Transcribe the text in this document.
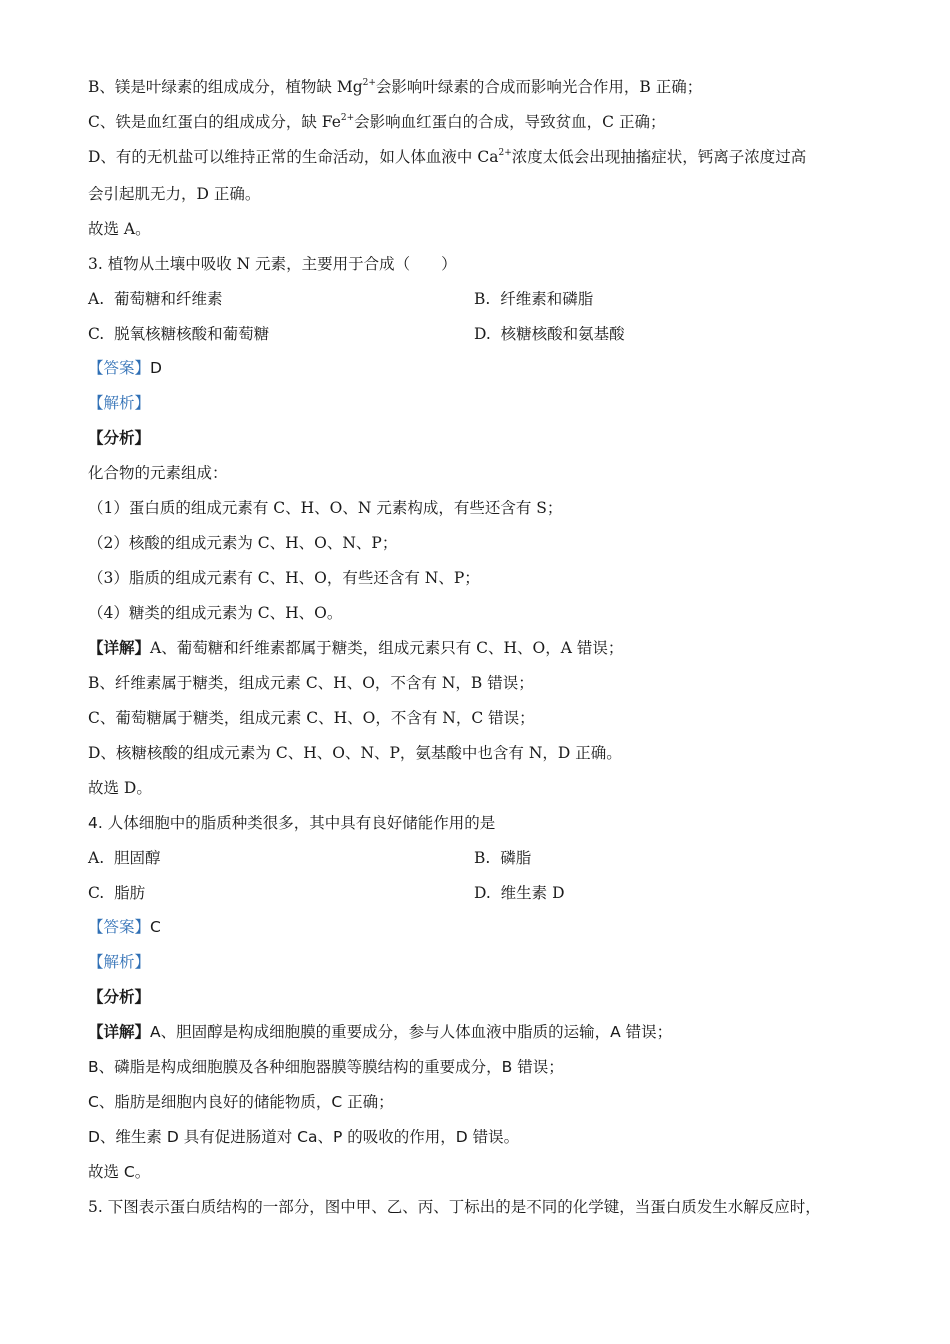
B、镁是叶绿素的组成成分，植物缺 $Mg^{2+}$会影响叶绿素的合成而影响光合作用，B 正确；
C、铁是血红蛋白的组成成分，缺 $Fe^{2+}$会影响血红蛋白的合成，导致贫血，C 正确；
D、有的无机盐可以维持正常的生命活动，如人体血液中 $Ca^{2+}$浓度太低会出现抽搐症状，钙离子浓度过高
会引起肌无力，D 正确。
故选 A。
3. 植物从土壤中吸收 N 元素，主要用于合成（　　）
A. 葡萄糖和纤维素	B. 纤维素和磷脂
C. 脱氧核糖核酸和葡萄糖	D. 核糖核酸和氨基酸
【答案】D
【解析】
【分析】
化合物的元素组成：
（1）蛋白质的组成元素有 C、H、O、N 元素构成，有些还含有 S；
（2）核酸的组成元素为 C、H、O、N、P；
（3）脂质的组成元素有 C、H、O，有些还含有 N、P；
（4）糖类的组成元素为 C、H、O。
【详解】A、葡萄糖和纤维素都属于糖类，组成元素只有 C、H、O，A 错误；
B、纤维素属于糖类，组成元素 C、H、O，不含有 N，B 错误；
C、葡萄糖属于糖类，组成元素 C、H、O，不含有 N，C 错误；
D、核糖核酸的组成元素为 C、H、O、N、P，氨基酸中也含有 N，D 正确。
故选 D。
4. 人体细胞中的脂质种类很多，其中具有良好储能作用的是
A. 胆固醇	B. 磷脂
C. 脂肪	D. 维生素 D
【答案】C
【解析】
【分析】
【详解】A、胆固醇是构成细胞膜的重要成分，参与人体血液中脂质的运输，A 错误；
B、磷脂是构成细胞膜及各种细胞器膜等膜结构的重要成分，B 错误；
C、脂肪是细胞内良好的储能物质，C 正确；
D、维生素 D 具有促进肠道对 Ca、P 的吸收的作用，D 错误。
故选 C。
5. 下图表示蛋白质结构的一部分，图中甲、乙、丙、丁标出的是不同的化学键，当蛋白质发生水解反应时，
